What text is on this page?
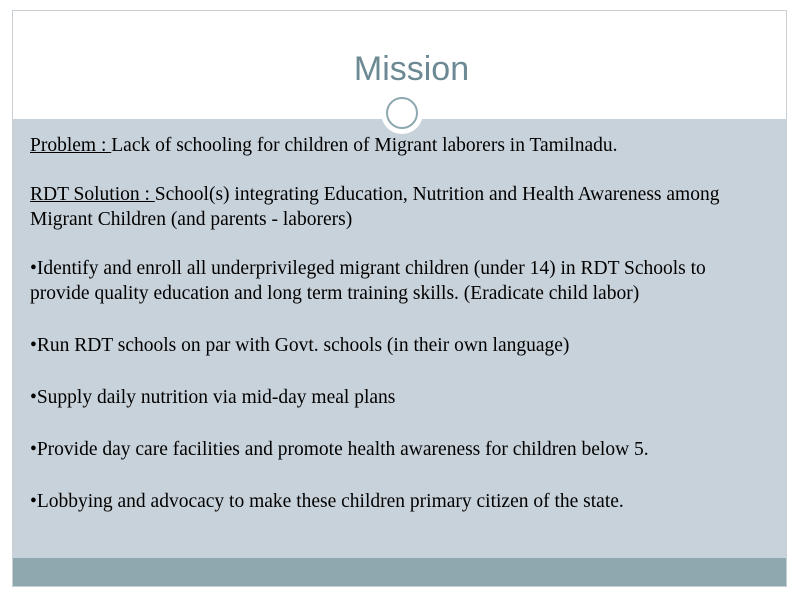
Mission

Problem : Lack of schooling for children of Migrant laborers in Tamilnadu.

RDT Solution : School(s) integrating Education, Nutrition and Health Awareness among Migrant Children (and parents - laborers)

•Identify and enroll all underprivileged migrant children (under 14) in RDT Schools to provide quality education and long term training skills. (Eradicate child labor)

•Run RDT schools on par with Govt. schools (in their own language)

•Supply daily nutrition via mid-day meal plans

•Provide day care facilities and promote health awareness for children below 5.

•Lobbying and advocacy to make these children primary citizen of the state.
